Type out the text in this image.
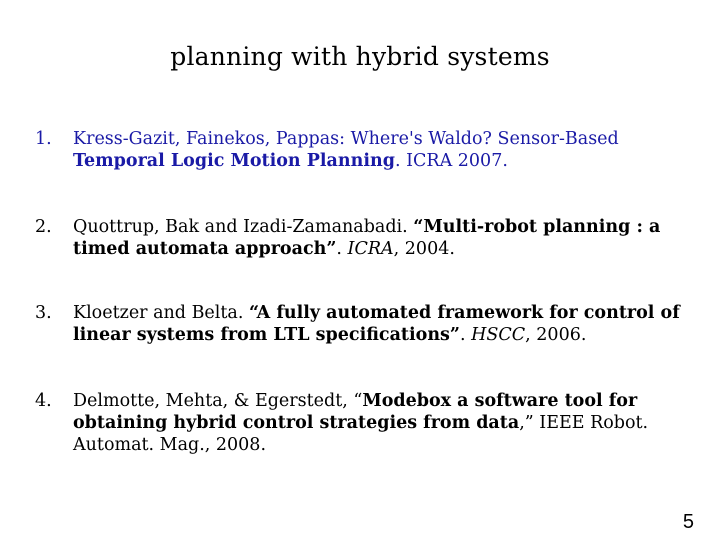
planning with hybrid systems
1.	Kress-Gazit, Fainekos, Pappas: Where's Waldo? Sensor-Based Temporal Logic Motion Planning. ICRA 2007.
2.	Quottrup, Bak and Izadi-Zamanabadi. “Multi-robot planning : a timed automata approach”. ICRA, 2004.
3.	Kloetzer and Belta. “A fully automated framework for control of linear systems from LTL specifications”. HSCC, 2006.
4.	Delmotte, Mehta, & Egerstedt, “Modebox a software tool for obtaining hybrid control strategies from data,” IEEE Robot. Automat. Mag., 2008.
5
